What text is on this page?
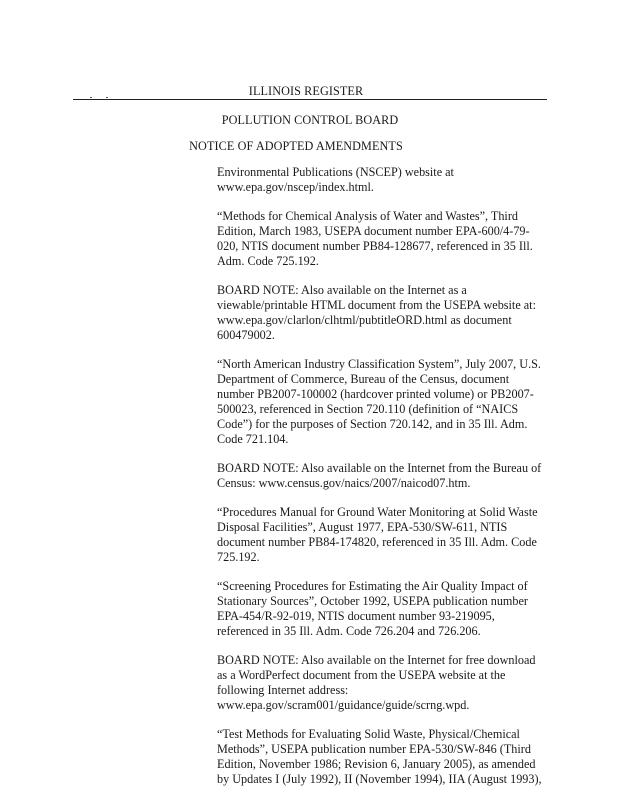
ILLINOIS REGISTER
POLLUTION CONTROL BOARD
NOTICE OF ADOPTED AMENDMENTS

Environmental Publications (NSCEP) website at
www.epa.gov/nscep/index.html.

“Methods for Chemical Analysis of Water and Wastes”, Third
Edition, March 1983, USEPA document number EPA-600/4-79-
020, NTIS document number PB84-128677, referenced in 35 Ill.
Adm. Code 725.192.

BOARD NOTE: Also available on the Internet as a
viewable/printable HTML document from the USEPA website at:
www.epa.gov/clarlon/clhtml/pubtitleORD.html as document
600479002.

“North American Industry Classification System”, July 2007, U.S.
Department of Commerce, Bureau of the Census, document
number PB2007-100002 (hardcover printed volume) or PB2007-
500023, referenced in Section 720.110 (definition of “NAICS
Code”) for the purposes of Section 720.142, and in 35 Ill. Adm.
Code 721.104.

BOARD NOTE: Also available on the Internet from the Bureau of
Census: www.census.gov/naics/2007/naicod07.htm.

“Procedures Manual for Ground Water Monitoring at Solid Waste
Disposal Facilities”, August 1977, EPA-530/SW-611, NTIS
document number PB84-174820, referenced in 35 Ill. Adm. Code
725.192.

“Screening Procedures for Estimating the Air Quality Impact of
Stationary Sources”, October 1992, USEPA publication number
EPA-454/R-92-019, NTIS document number 93-219095,
referenced in 35 Ill. Adm. Code 726.204 and 726.206.

BOARD NOTE: Also available on the Internet for free download
as a WordPerfect document from the USEPA website at the
following Internet address:
www.epa.gov/scram001/guidance/guide/scrng.wpd.

“Test Methods for Evaluating Solid Waste, Physical/Chemical
Methods”, USEPA publication number EPA-530/SW-846 (Third
Edition, November 1986; Revision 6, January 2005), as amended
by Updates I (July 1992), II (November 1994), IIA (August 1993),
